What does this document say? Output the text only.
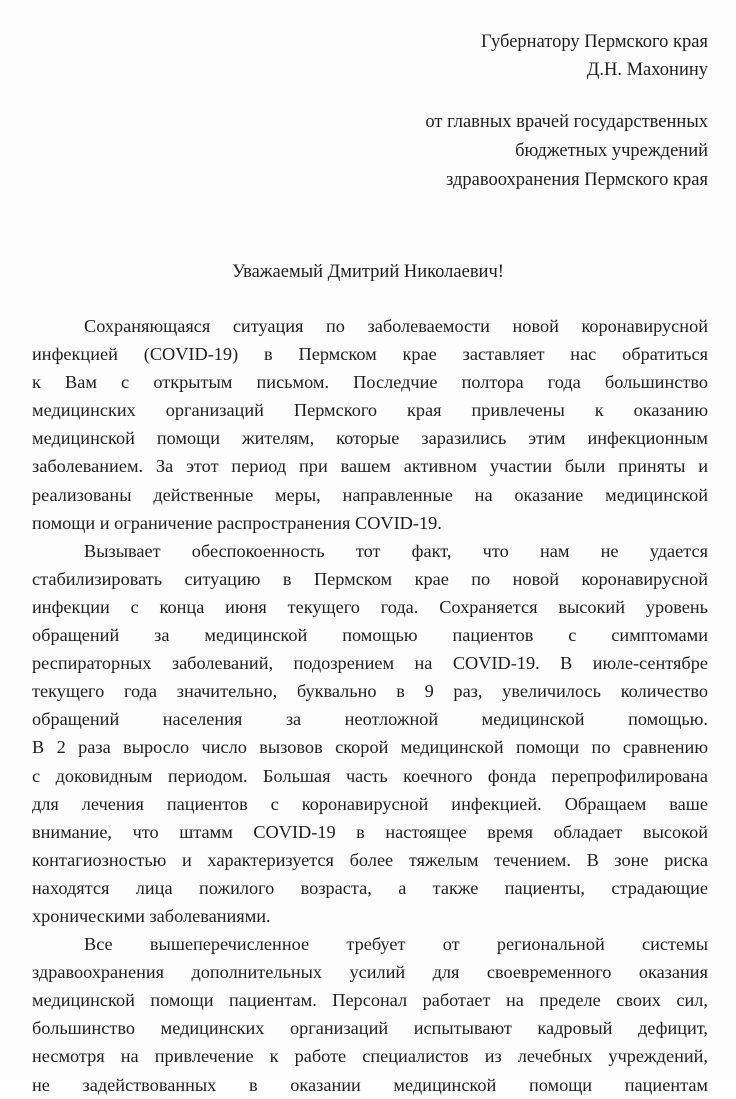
Губернатору Пермского края
Д.Н. Махонину
от главных врачей государственных
бюджетных учреждений
здравоохранения Пермского края
Уважаемый Дмитрий Николаевич!

Сохраняющаяся ситуация по заболеваемости новой коронавирусной
инфекцией (COVID-19) в Пермском крае заставляет нас обратиться
к Вам с открытым письмом. Последчие полтора года большинство
медицинских организаций Пермского края привлечены к оказанию
медицинской помощи жителям, которые заразились этим инфекционным
заболеванием. За этот период при вашем активном участии были приняты и
реализованы действенные меры, направленные на оказание медицинской
помощи и ограничение распространения COVID-19.

Вызывает обеспокоенность тот факт, что нам не удается
стабилизировать ситуацию в Пермском крае по новой коронавирусной
инфекции с конца июня текущего года. Сохраняется высокий уровень
обращений за медицинской помощью пациентов с симптомами
респираторных заболеваний, подозрением на COVID-19. В июле-сентябре
текущего года значительно, буквально в 9 раз, увеличилось количество
обращений населения за неотложной медицинской помощью.
В 2 раза выросло число вызовов скорой медицинской помощи по сравнению
с доковидным периодом. Большая часть коечного фонда перепрофилирована
для лечения пациентов с коронавирусной инфекцией. Обращаем ваше
внимание, что штамм COVID-19 в настоящее время обладает высокой
контагиозностью и характеризуется более тяжелым течением. В зоне риска
находятся лица пожилого возраста, а также пациенты, страдающие
хроническими заболеваниями.

Все вышеперечисленное требует от региональной системы
здравоохранения дополнительных усилий для своевременного оказания
медицинской помощи пациентам. Персонал работает на пределе своих сил,
большинство медицинских организаций испытывают кадровый дефицит,
несмотря на привлечение к работе специалистов из лечебных учреждений,
не задействованных в оказании медицинской помощи пациентам
